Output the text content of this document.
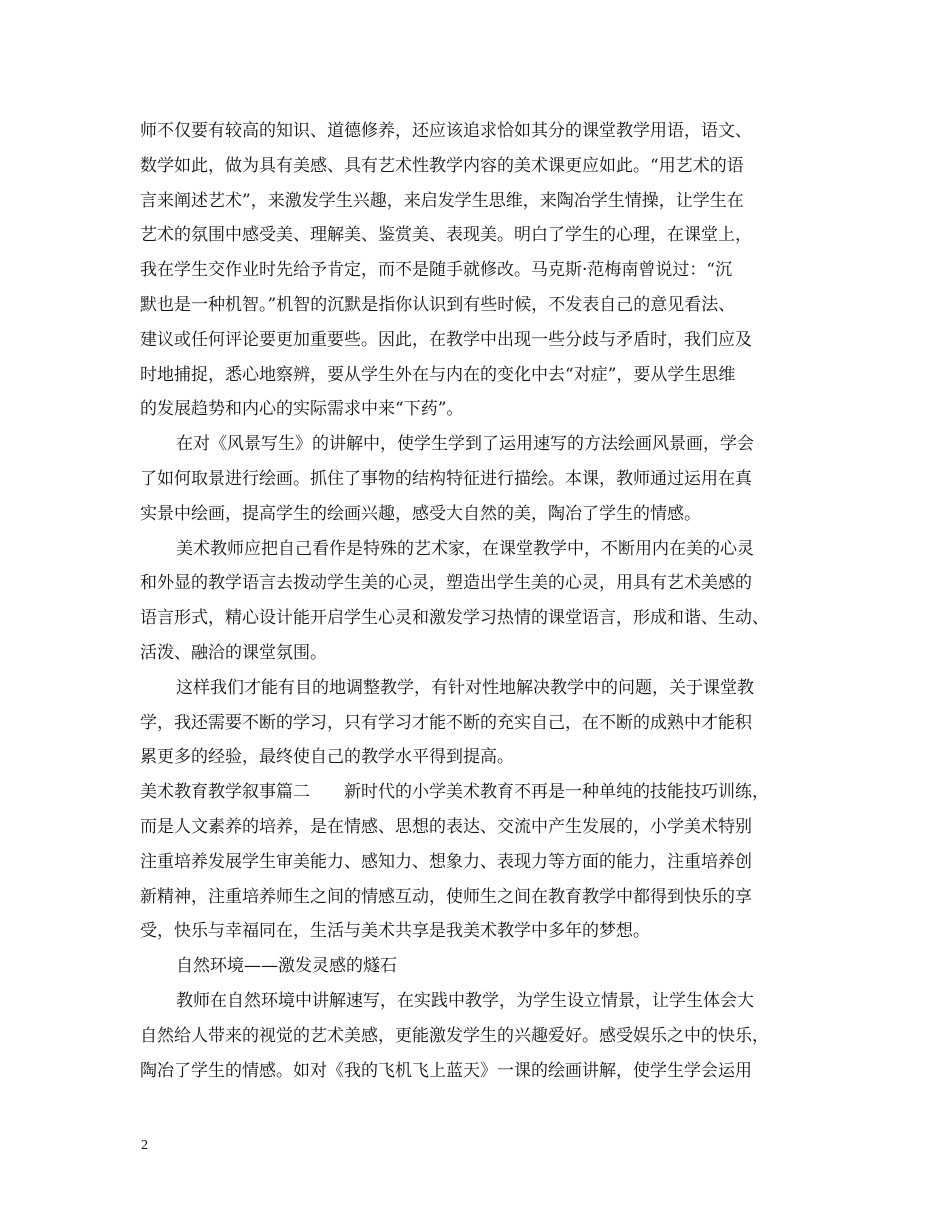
师不仅要有较高的知识、道德修养，还应该追求恰如其分的课堂教学用语，语文、
数学如此，做为具有美感、具有艺术性教学内容的美术课更应如此。“用艺术的语
言来阐述艺术”，来激发学生兴趣，来启发学生思维，来陶冶学生情操，让学生在
艺术的氛围中感受美、理解美、鉴赏美、表现美。明白了学生的心理，在课堂上，
我在学生交作业时先给予肯定，而不是随手就修改。马克斯·范梅南曾说过：“沉
默也是一种机智。”机智的沉默是指你认识到有些时候，不发表自己的意见看法、
建议或任何评论要更加重要些。因此，在教学中出现一些分歧与矛盾时，我们应及
时地捕捉，悉心地察辨，要从学生外在与内在的变化中去“对症”，要从学生思维
的发展趋势和内心的实际需求中来“下药”。
在对《风景写生》的讲解中，使学生学到了运用速写的方法绘画风景画，学会
了如何取景进行绘画。抓住了事物的结构特征进行描绘。本课，教师通过运用在真
实景中绘画，提高学生的绘画兴趣，感受大自然的美，陶冶了学生的情感。
美术教师应把自己看作是特殊的艺术家，在课堂教学中，不断用内在美的心灵
和外显的教学语言去拨动学生美的心灵，塑造出学生美的心灵，用具有艺术美感的
语言形式，精心设计能开启学生心灵和激发学习热情的课堂语言，形成和谐、生动、
活泼、融洽的课堂氛围。
这样我们才能有目的地调整教学，有针对性地解决教学中的问题，关于课堂教
学，我还需要不断的学习，只有学习才能不断的充实自己，在不断的成熟中才能积
累更多的经验，最终使自己的教学水平得到提高。
美术教育教学叙事篇二　　新时代的小学美术教育不再是一种单纯的技能技巧训练，
而是人文素养的培养，是在情感、思想的表达、交流中产生发展的，小学美术特别
注重培养发展学生审美能力、感知力、想象力、表现力等方面的能力，注重培养创
新精神，注重培养师生之间的情感互动，使师生之间在教育教学中都得到快乐的享
受，快乐与幸福同在，生活与美术共享是我美术教学中多年的梦想。
自然环境——激发灵感的燧石
教师在自然环境中讲解速写，在实践中教学，为学生设立情景，让学生体会大
自然给人带来的视觉的艺术美感，更能激发学生的兴趣爱好。感受娱乐之中的快乐，
陶冶了学生的情感。如对《我的飞机飞上蓝天》一课的绘画讲解，使学生学会运用
2
